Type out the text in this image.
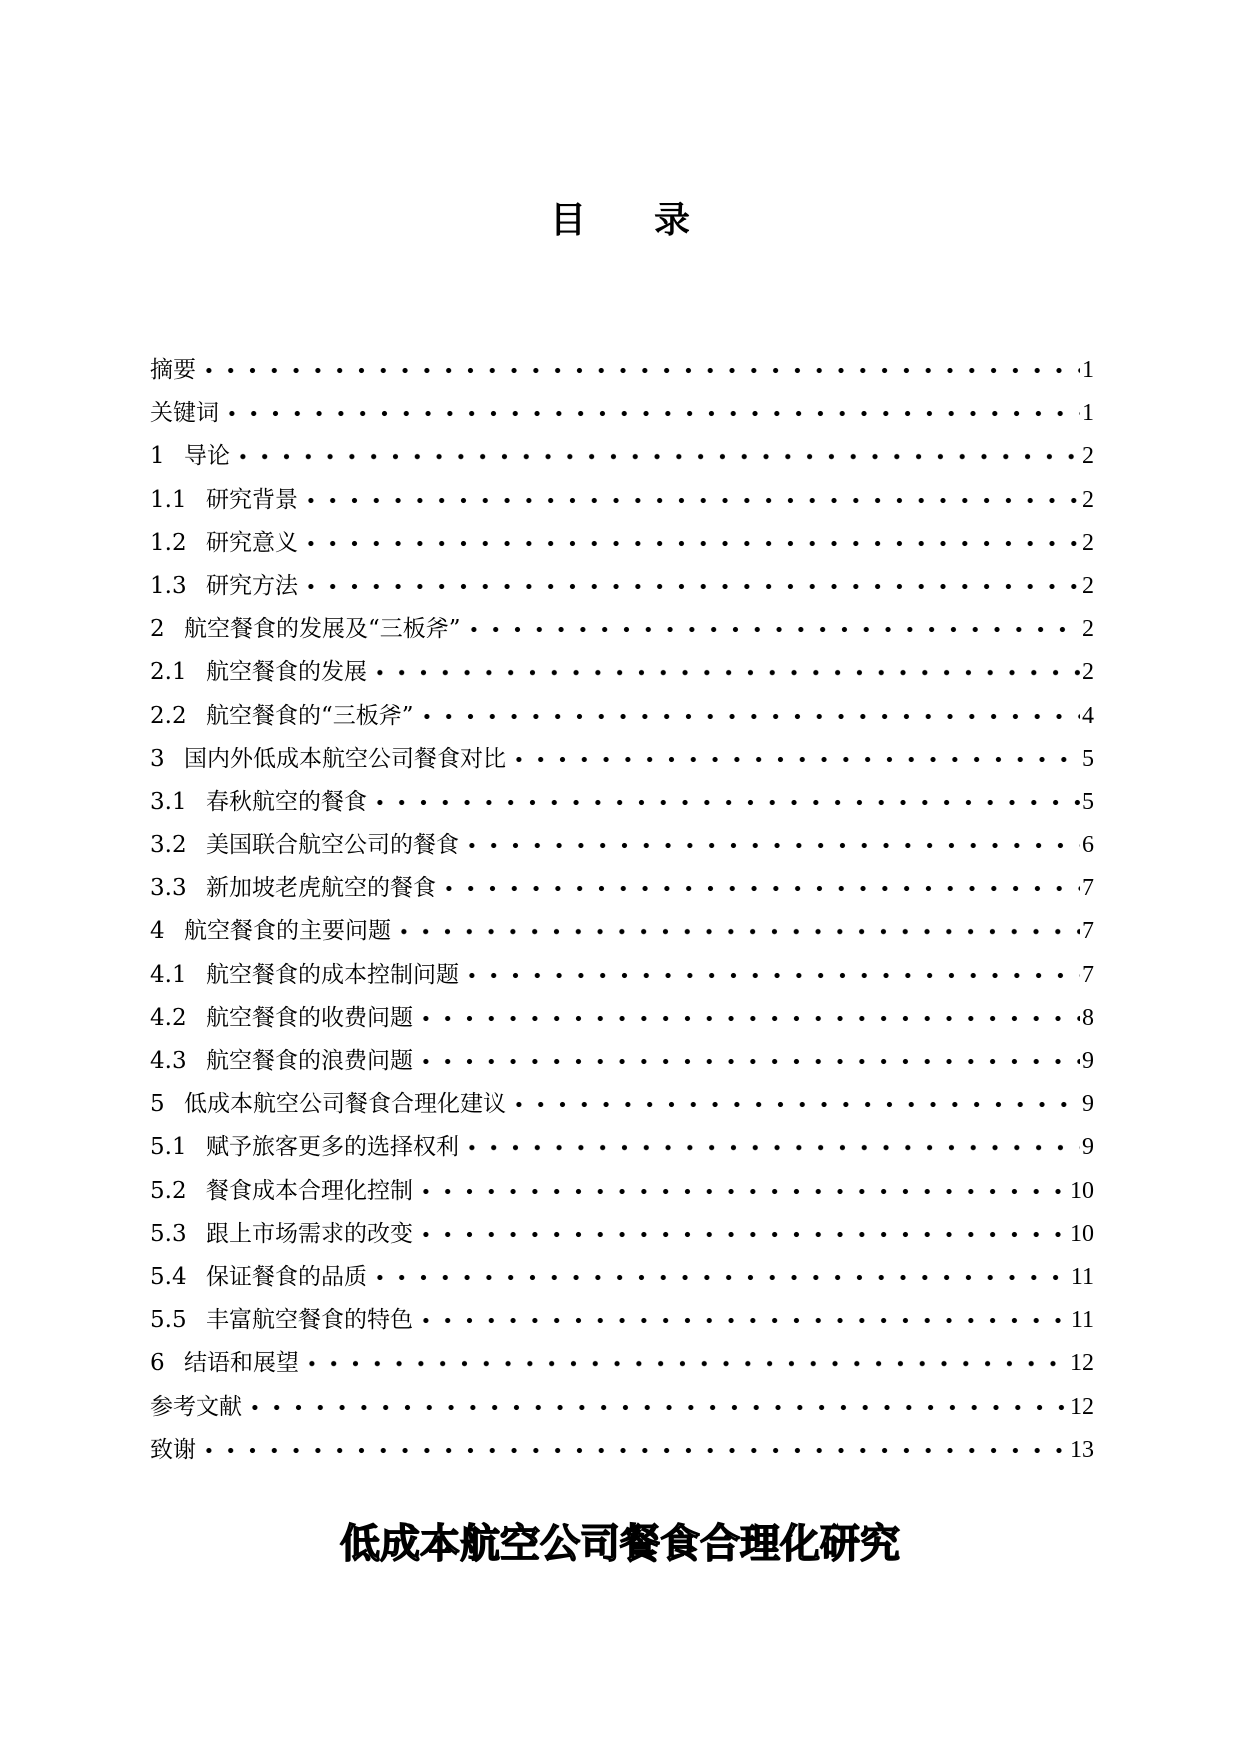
目 录
摘要	1
关键词	1
1 导论	2
1.1 研究背景	2
1.2 研究意义	2
1.3 研究方法	2
2 航空餐食的发展及“三板斧”	2
2.1 航空餐食的发展	2
2.2 航空餐食的“三板斧”	4
3 国内外低成本航空公司餐食对比	5
3.1 春秋航空的餐食	5
3.2 美国联合航空公司的餐食	6
3.3 新加坡老虎航空的餐食	7
4 航空餐食的主要问题	7
4.1 航空餐食的成本控制问题	7
4.2 航空餐食的收费问题	8
4.3 航空餐食的浪费问题	9
5 低成本航空公司餐食合理化建议	9
5.1 赋予旅客更多的选择权利	9
5.2 餐食成本合理化控制	10
5.3 跟上市场需求的改变	10
5.4 保证餐食的品质	11
5.5 丰富航空餐食的特色	11
6 结语和展望	12
参考文献	12
致谢	13
低成本航空公司餐食合理化研究
